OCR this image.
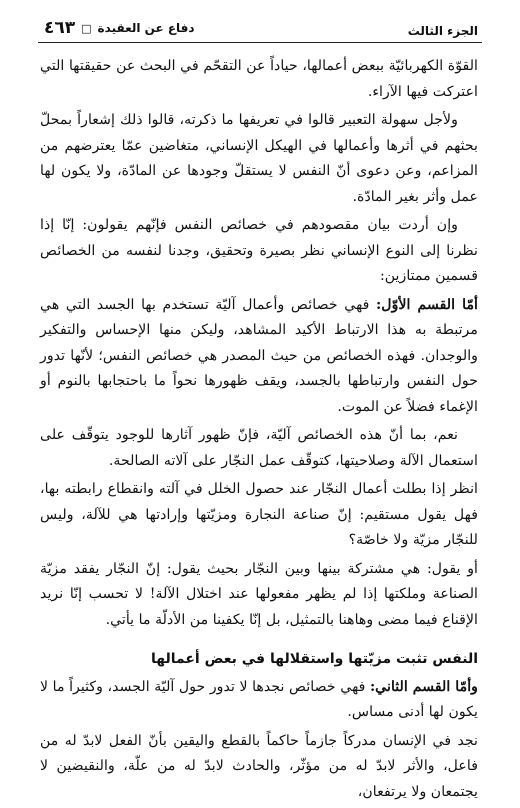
الجزء الثالث
دفاع عن العقيدة
□
٤٦٣

القوّة الكهربائيّة ببعض أعمالها، حياداً عن التقحّم في البحث عن حقيقتها التي اعتركت فيها الآراء.

ولأجل سهولة التعبير قالوا في تعريفها ما ذكرته، قالوا ذلك إشعاراً بمحلّ بحثهم في أثرها وأعمالها في الهيكل الإنساني، متغاضين عمّا يعترضهم من المزاعم، وعن دعوى أنّ النفس لا يستقلّ وجودها عن المادّة، ولا يكون لها عمل وأثر بغير المادّة.

وإن أردت بيان مقصودهم في خصائص النفس فإنّهم يقولون: إنّا إذا نظرنا إلى النوع الإنساني نظر بصيرة وتحقيق، وجدنا لنفسه من الخصائص قسمين ممتازين:

أمّا القسم الأوّل: فهي خصائص وأعمال آليّة تستخدم بها الجسد التي هي مرتبطة به هذا الارتباط الأكيد المشاهد، وليكن منها الإحساس والتفكير والوجدان. فهذه الخصائص من حيث المصدر هي خصائص النفس؛ لأنّها تدور حول النفس وارتباطها بالجسد، ويقف ظهورها نحواً ما باحتجابها بالنوم أو الإغماء فضلاً عن الموت.

نعم، بما أنّ هذه الخصائص آليّة، فإنّ ظهور آثارها للوجود يتوقّف على استعمال الآلة وصلاحيتها، كتوقّف عمل النجّار على آلاته الصالحة.

انظر إذا بطلت أعمال النجّار عند حصول الخلل في آلته وانقطاع رابطته بها، فهل يقول مستقيم: إنّ صناعة النجارة ومزيّتها وإرادتها هي للآلة، وليس للنجّار مزيّة ولا خاصّة؟

أو يقول: هي مشتركة بينها وبين النجّار بحيث يقول: إنّ النجّار يفقد مزيّة الصناعة وملكتها إذا لم يظهر مفعولها عند اختلال الآلة! لا تحسب إنّا نريد الإقناع فيما مضى وهاهنا بالتمثيل، بل إنّا يكفينا من الأدلّة ما يأتي.

النفس تثبت مزيّتها واستقلالها في بعض أعمالها

وأمّا القسم الثاني: فهي خصائص نجدها لا تدور حول آليّة الجسد، وكثيراً ما لا يكون لها أدنى مساس.

نجد في الإنسان مدركاً جازماً حاكماً بالقطع واليقين بأنّ الفعل لابدّ له من فاعل، والأثر لابدّ له من مؤثّر، والحادث لابدّ له من علّة، والنقيضين لا يجتمعان ولا يرتفعان،
